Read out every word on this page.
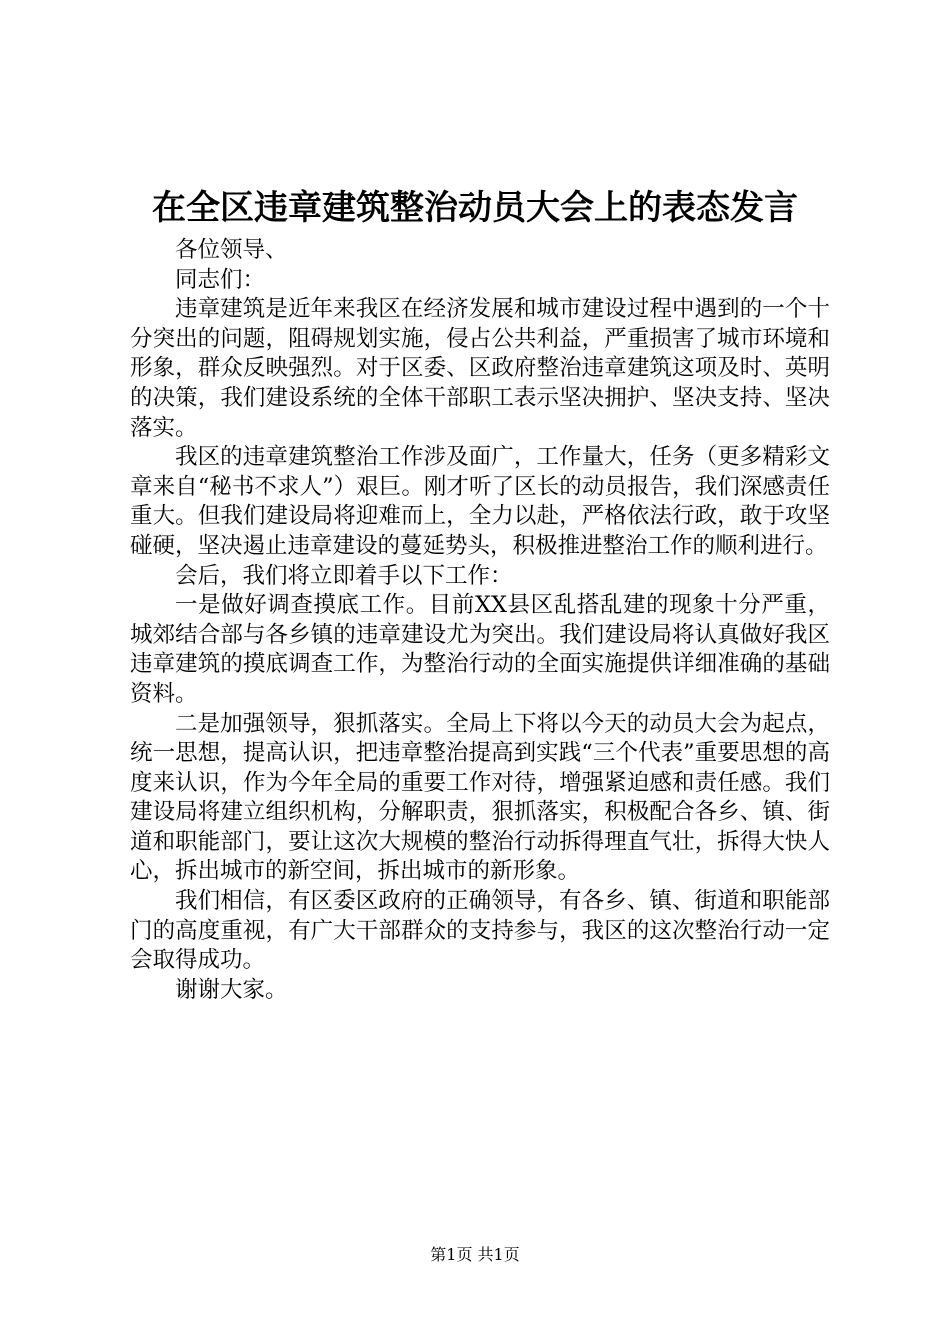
在全区违章建筑整治动员大会上的表态发言

各位领导、

同志们：

违章建筑是近年来我区在经济发展和城市建设过程中遇到的一个十分突出的问题，阻碍规划实施，侵占公共利益，严重损害了城市环境和形象，群众反映强烈。对于区委、区政府整治违章建筑这项及时、英明的决策，我们建设系统的全体干部职工表示坚决拥护、坚决支持、坚决落实。

我区的违章建筑整治工作涉及面广，工作量大，任务（更多精彩文章来自“秘书不求人”）艰巨。刚才听了区长的动员报告，我们深感责任重大。但我们建设局将迎难而上，全力以赴，严格依法行政，敢于攻坚碰硬，坚决遏止违章建设的蔓延势头，积极推进整治工作的顺利进行。

会后，我们将立即着手以下工作：

一是做好调查摸底工作。目前XX县区乱搭乱建的现象十分严重，城郊结合部与各乡镇的违章建设尤为突出。我们建设局将认真做好我区违章建筑的摸底调查工作，为整治行动的全面实施提供详细准确的基础资料。

二是加强领导，狠抓落实。全局上下将以今天的动员大会为起点，统一思想，提高认识，把违章整治提高到实践“三个代表”重要思想的高度来认识，作为今年全局的重要工作对待，增强紧迫感和责任感。我们建设局将建立组织机构，分解职责，狠抓落实，积极配合各乡、镇、街道和职能部门，要让这次大规模的整治行动拆得理直气壮，拆得大快人心，拆出城市的新空间，拆出城市的新形象。

我们相信，有区委区政府的正确领导，有各乡、镇、街道和职能部门的高度重视，有广大干部群众的支持参与，我区的这次整治行动一定会取得成功。

谢谢大家。

第1页 共1页
